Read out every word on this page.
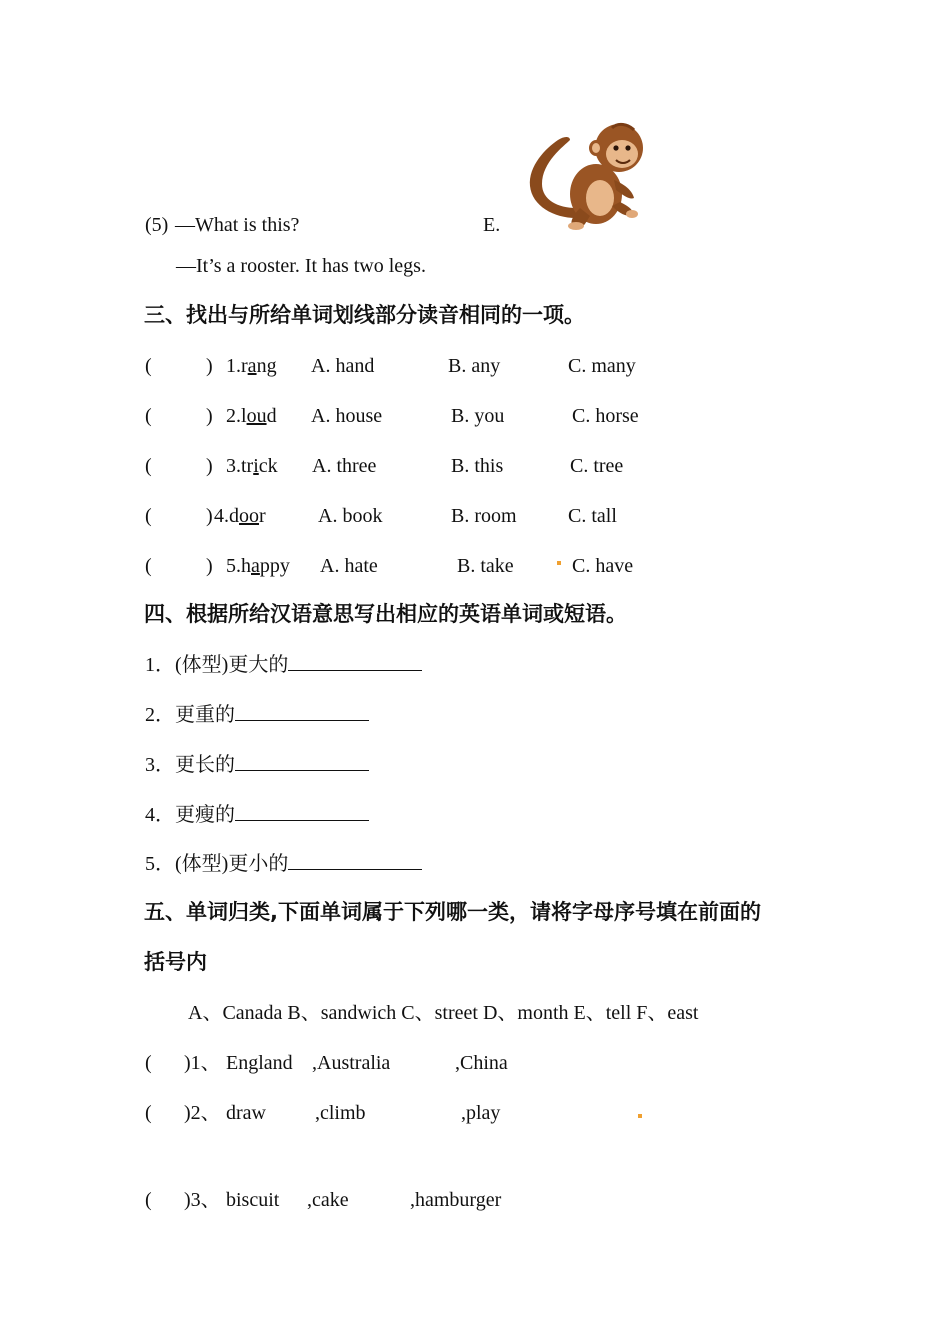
(5) —What is this?	E.
—It’s a rooster. It has two legs.
三、找出与所给单词划线部分读音相同的一项。
(	) 1.rang A. hand	B. any	C. many
(	) 2.loud A. house	B. you	C. horse
(	) 3.trick A. three	B. this	C. tree
(	) 4.door	A. book	B. room	C. tall
(	) 5.happy A. hate	B. take	C. have
四、根据所给汉语意思写出相应的英语单词或短语。
1．(体型)更大的
2．更重的
3．更长的
4．更瘦的
5．(体型)更小的
五、单词归类,下面单词属于下列哪一类，请将字母序号填在前面的
括号内
A、Canada B、sandwich C、street D、month E、tell F、east
( )1、 England ,Australia	,China
( )2、 draw ,climb	,play
( )3、 biscuit ,cake	,hamburger
